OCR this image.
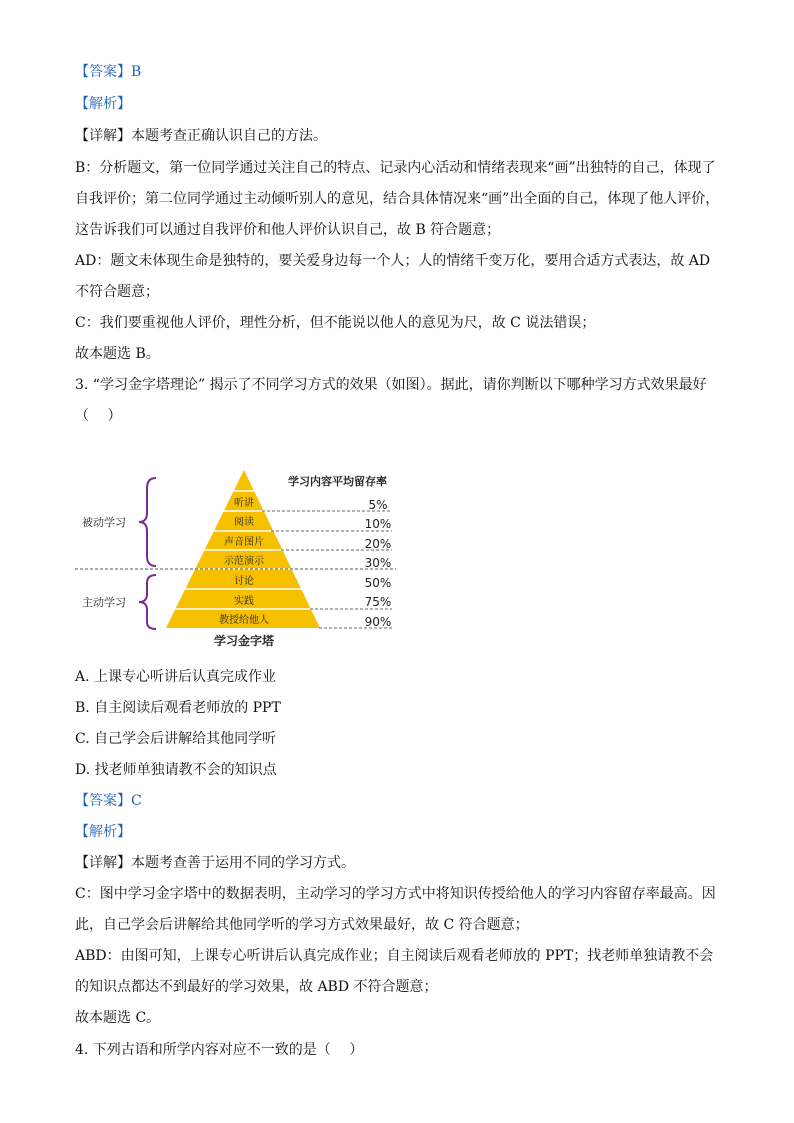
【答案】B
【解析】
【详解】本题考查正确认识自己的方法。
B：分析题文，第一位同学通过关注自己的特点、记录内心活动和情绪表现来“画”出独特的自己，体现了
自我评价；第二位同学通过主动倾听别人的意见，结合具体情况来“画”出全面的自己，体现了他人评价，
这告诉我们可以通过自我评价和他人评价认识自己，故 B 符合题意；
AD：题文未体现生命是独特的，要关爱身边每一个人；人的情绪千变万化，要用合适方式表达，故 AD
不符合题意；
C：我们要重视他人评价，理性分析，但不能说以他人的意见为尺，故 C 说法错误；
故本题选 B。
3. “学习金字塔理论” 揭示了不同学习方式的效果（如图）。据此，请你判断以下哪种学习方式效果最好
（　 ）
被动学习
主动学习
学习内容平均留存率
听讲
阅读
声音图片
示范演示
讨论
实践
教授给他人
5%
10%
20%
30%
50%
75%
90%
学习金字塔
A. 上课专心听讲后认真完成作业
B. 自主阅读后观看老师放的 PPT
C. 自己学会后讲解给其他同学听
D. 找老师单独请教不会的知识点
【答案】C
【解析】
【详解】本题考查善于运用不同的学习方式。
C：图中学习金字塔中的数据表明，主动学习的学习方式中将知识传授给他人的学习内容留存率最高。因
此，自己学会后讲解给其他同学听的学习方式效果最好，故 C 符合题意；
ABD：由图可知，上课专心听讲后认真完成作业；自主阅读后观看老师放的 PPT；找老师单独请教不会
的知识点都达不到最好的学习效果，故 ABD 不符合题意；
故本题选 C。
4. 下列古语和所学内容对应不一致的是（　 ）
